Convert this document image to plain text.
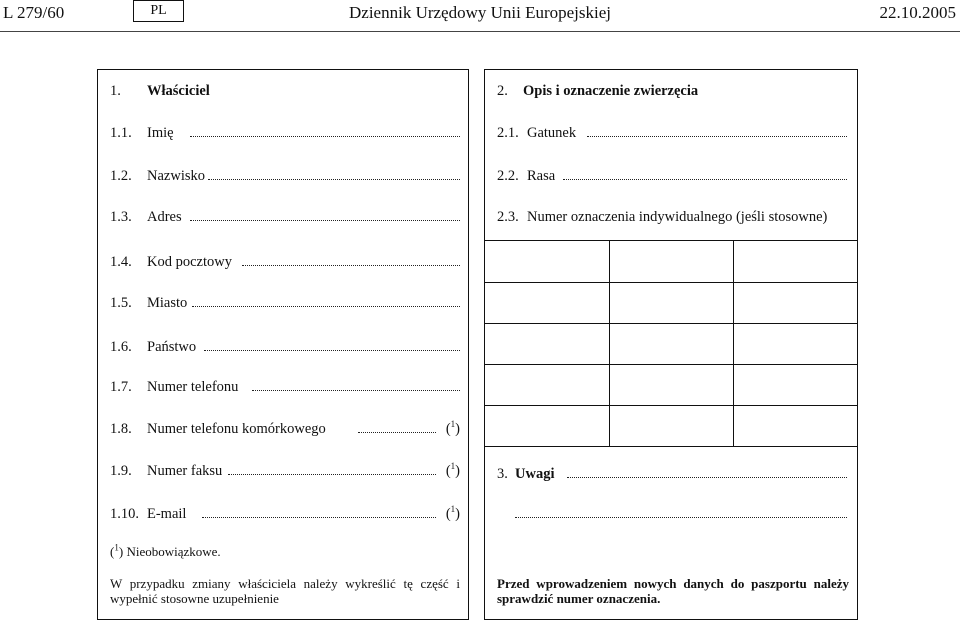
L 279/60	PL	Dziennik Urzędowy Unii Europejskiej	22.10.2005
1. Właściciel
1.1. Imię
1.2. Nazwisko
1.3. Adres
1.4. Kod pocztowy
1.5. Miasto
1.6. Państwo
1.7. Numer telefonu
1.8. Numer telefonu komórkowego	($^1$)
1.9. Numer faksu	($^1$)
1.10. E-mail	($^1$)
($^1$) Nieobowiązkowe.
W przypadku zmiany właściciela należy wykreślić tę część i wypełnić stosowne uzupełnienie
2. Opis i oznaczenie zwierzęcia
2.1. Gatunek
2.2. Rasa
2.3. Numer oznaczenia indywidualnego (jeśli stosowne)
3. Uwagi
Przed wprowadzeniem nowych danych do paszportu należy sprawdzić numer oznaczenia.
